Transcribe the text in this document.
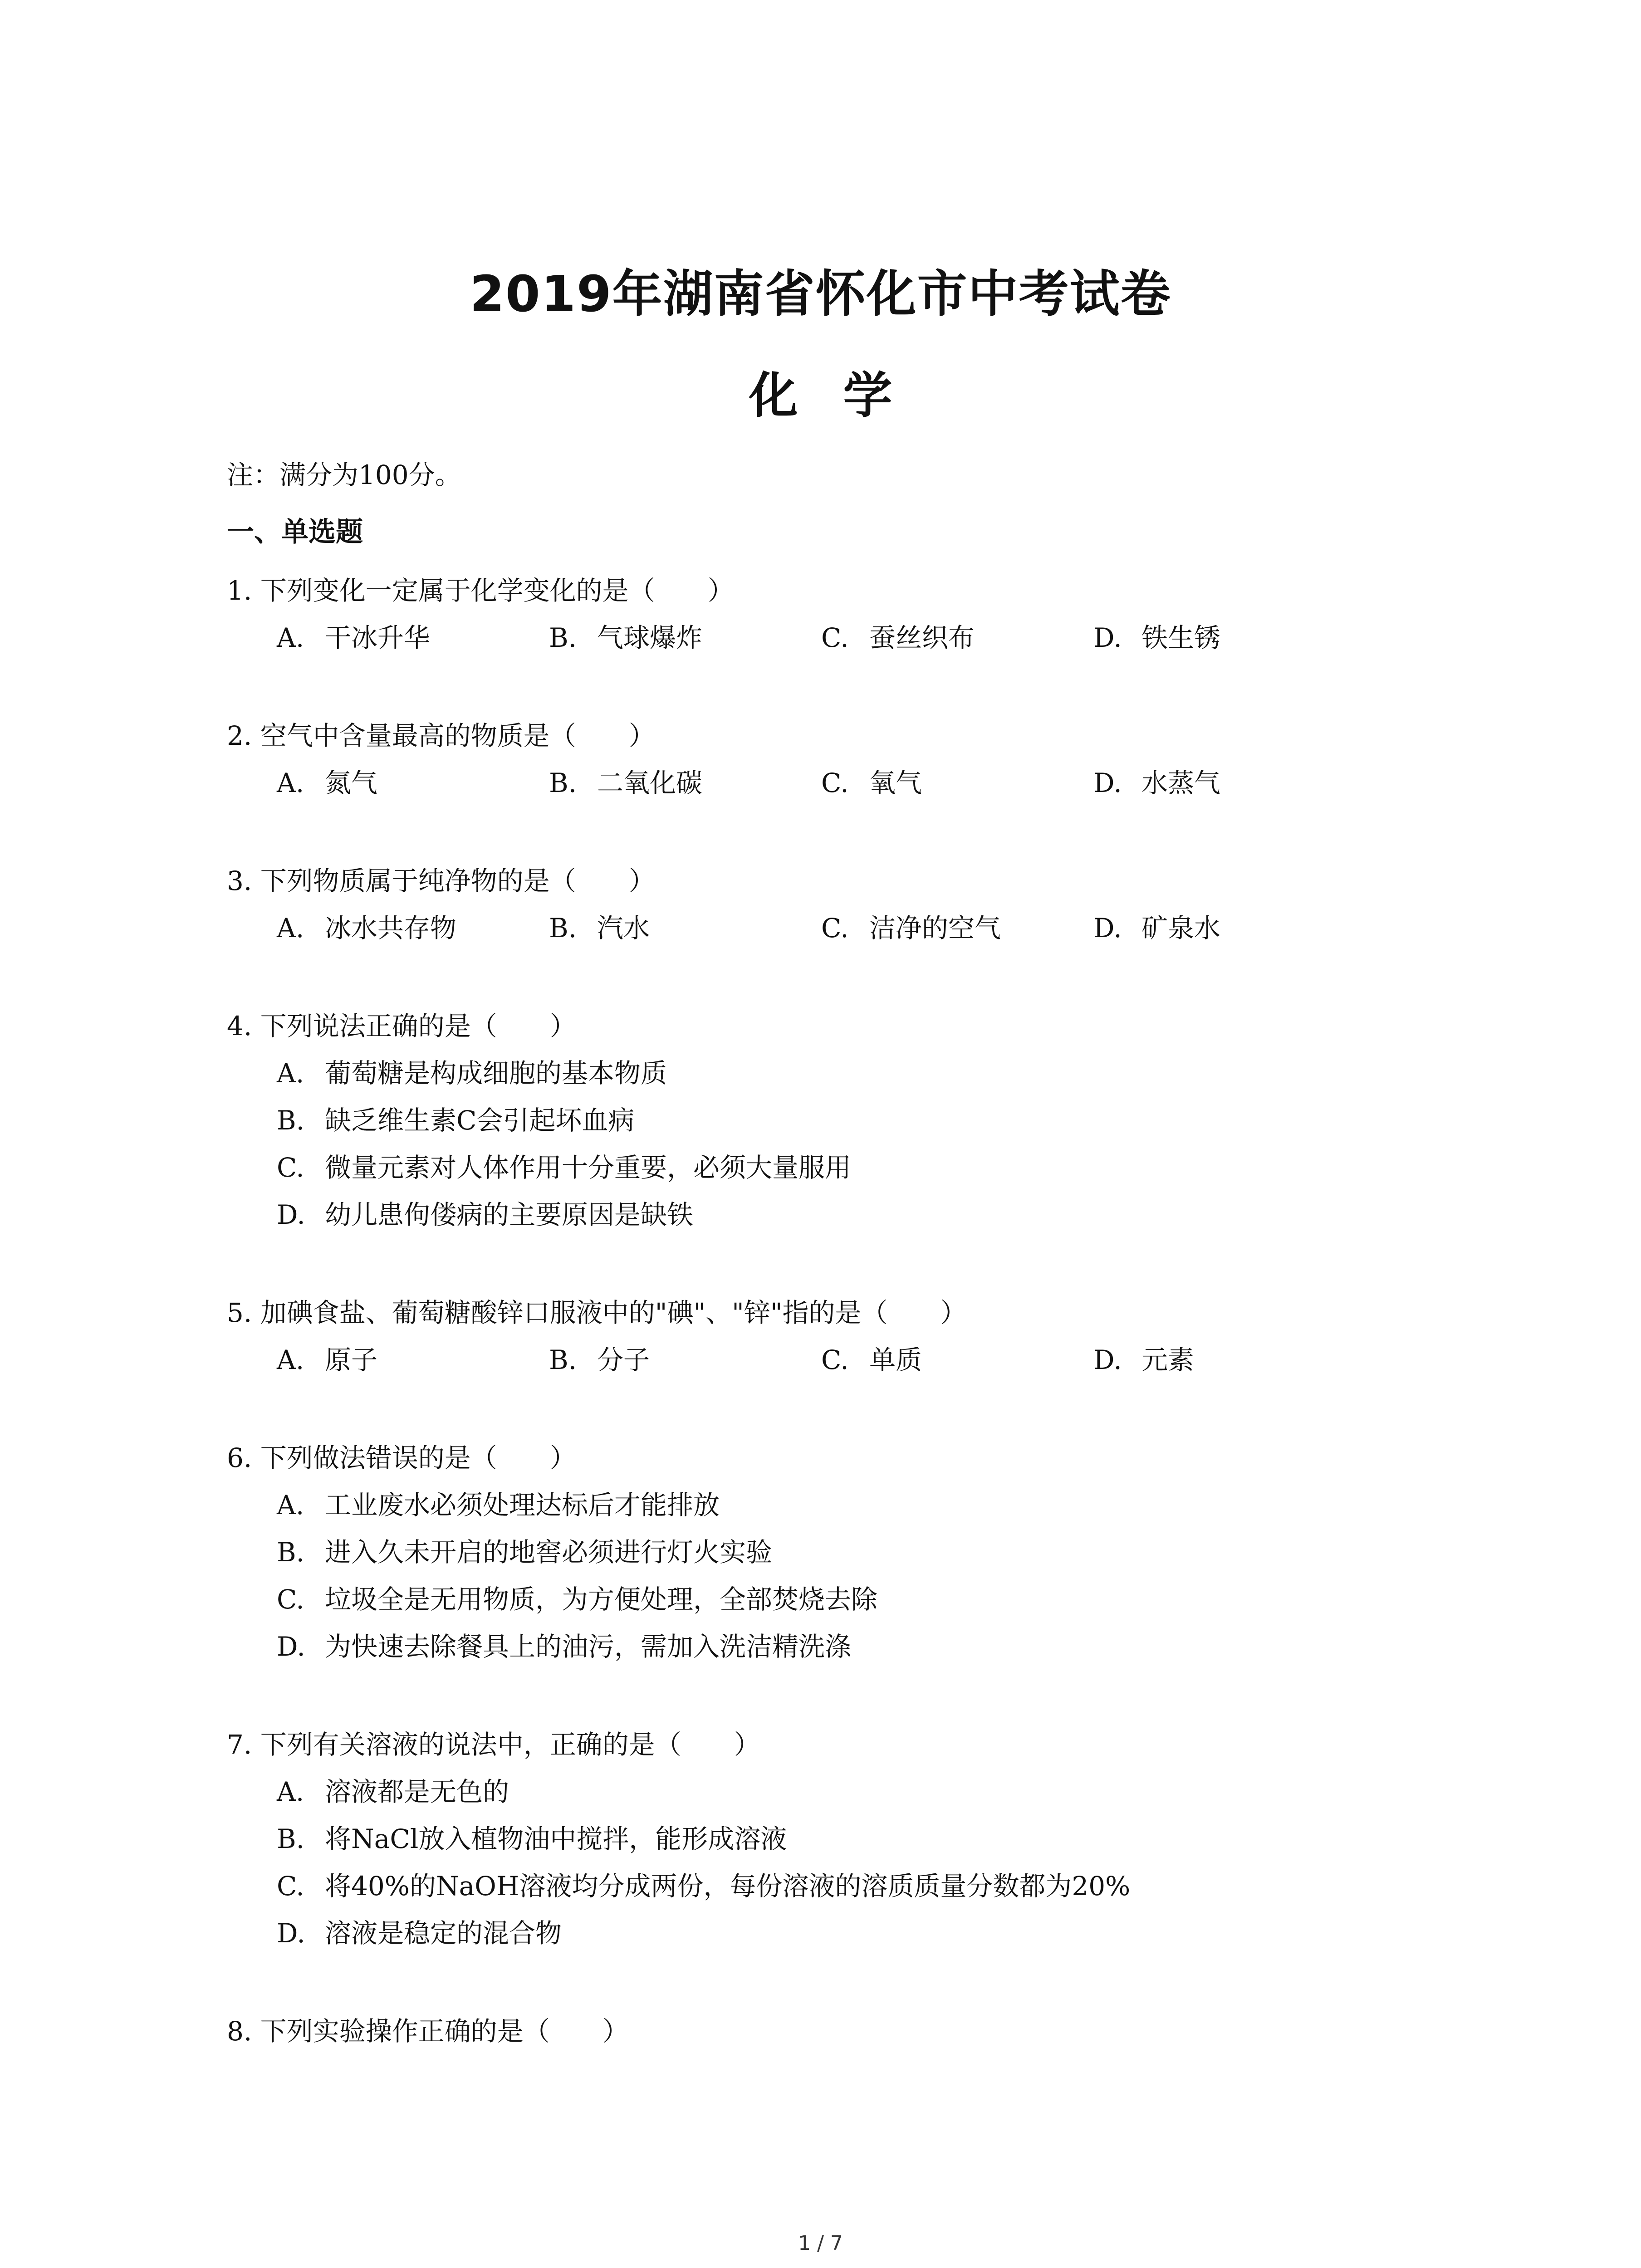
2019年湖南省怀化市中考试卷
化学
注：满分为100分。
一、单选题
1. 下列变化一定属于化学变化的是（　　）
A. 干冰升华	B. 气球爆炸	C. 蚕丝织布	D. 铁生锈
2. 空气中含量最高的物质是（　　）
A. 氮气	B. 二氧化碳	C. 氧气	D. 水蒸气
3. 下列物质属于纯净物的是（　　）
A. 冰水共存物	B. 汽水	C. 洁净的空气	D. 矿泉水
4. 下列说法正确的是（　　）
A. 葡萄糖是构成细胞的基本物质
B. 缺乏维生素C会引起坏血病
C. 微量元素对人体作用十分重要，必须大量服用
D. 幼儿患佝偻病的主要原因是缺铁
5. 加碘食盐、葡萄糖酸锌口服液中的"碘"、"锌"指的是（　　）
A. 原子	B. 分子	C. 单质	D. 元素
6. 下列做法错误的是（　　）
A. 工业废水必须处理达标后才能排放
B. 进入久未开启的地窖必须进行灯火实验
C. 垃圾全是无用物质，为方便处理，全部焚烧去除
D. 为快速去除餐具上的油污，需加入洗洁精洗涤
7. 下列有关溶液的说法中，正确的是（　　）
A. 溶液都是无色的
B. 将NaCl放入植物油中搅拌，能形成溶液
C. 将40%的NaOH溶液均分成两份，每份溶液的溶质质量分数都为20%
D. 溶液是稳定的混合物
8. 下列实验操作正确的是（　　）
1 / 7
